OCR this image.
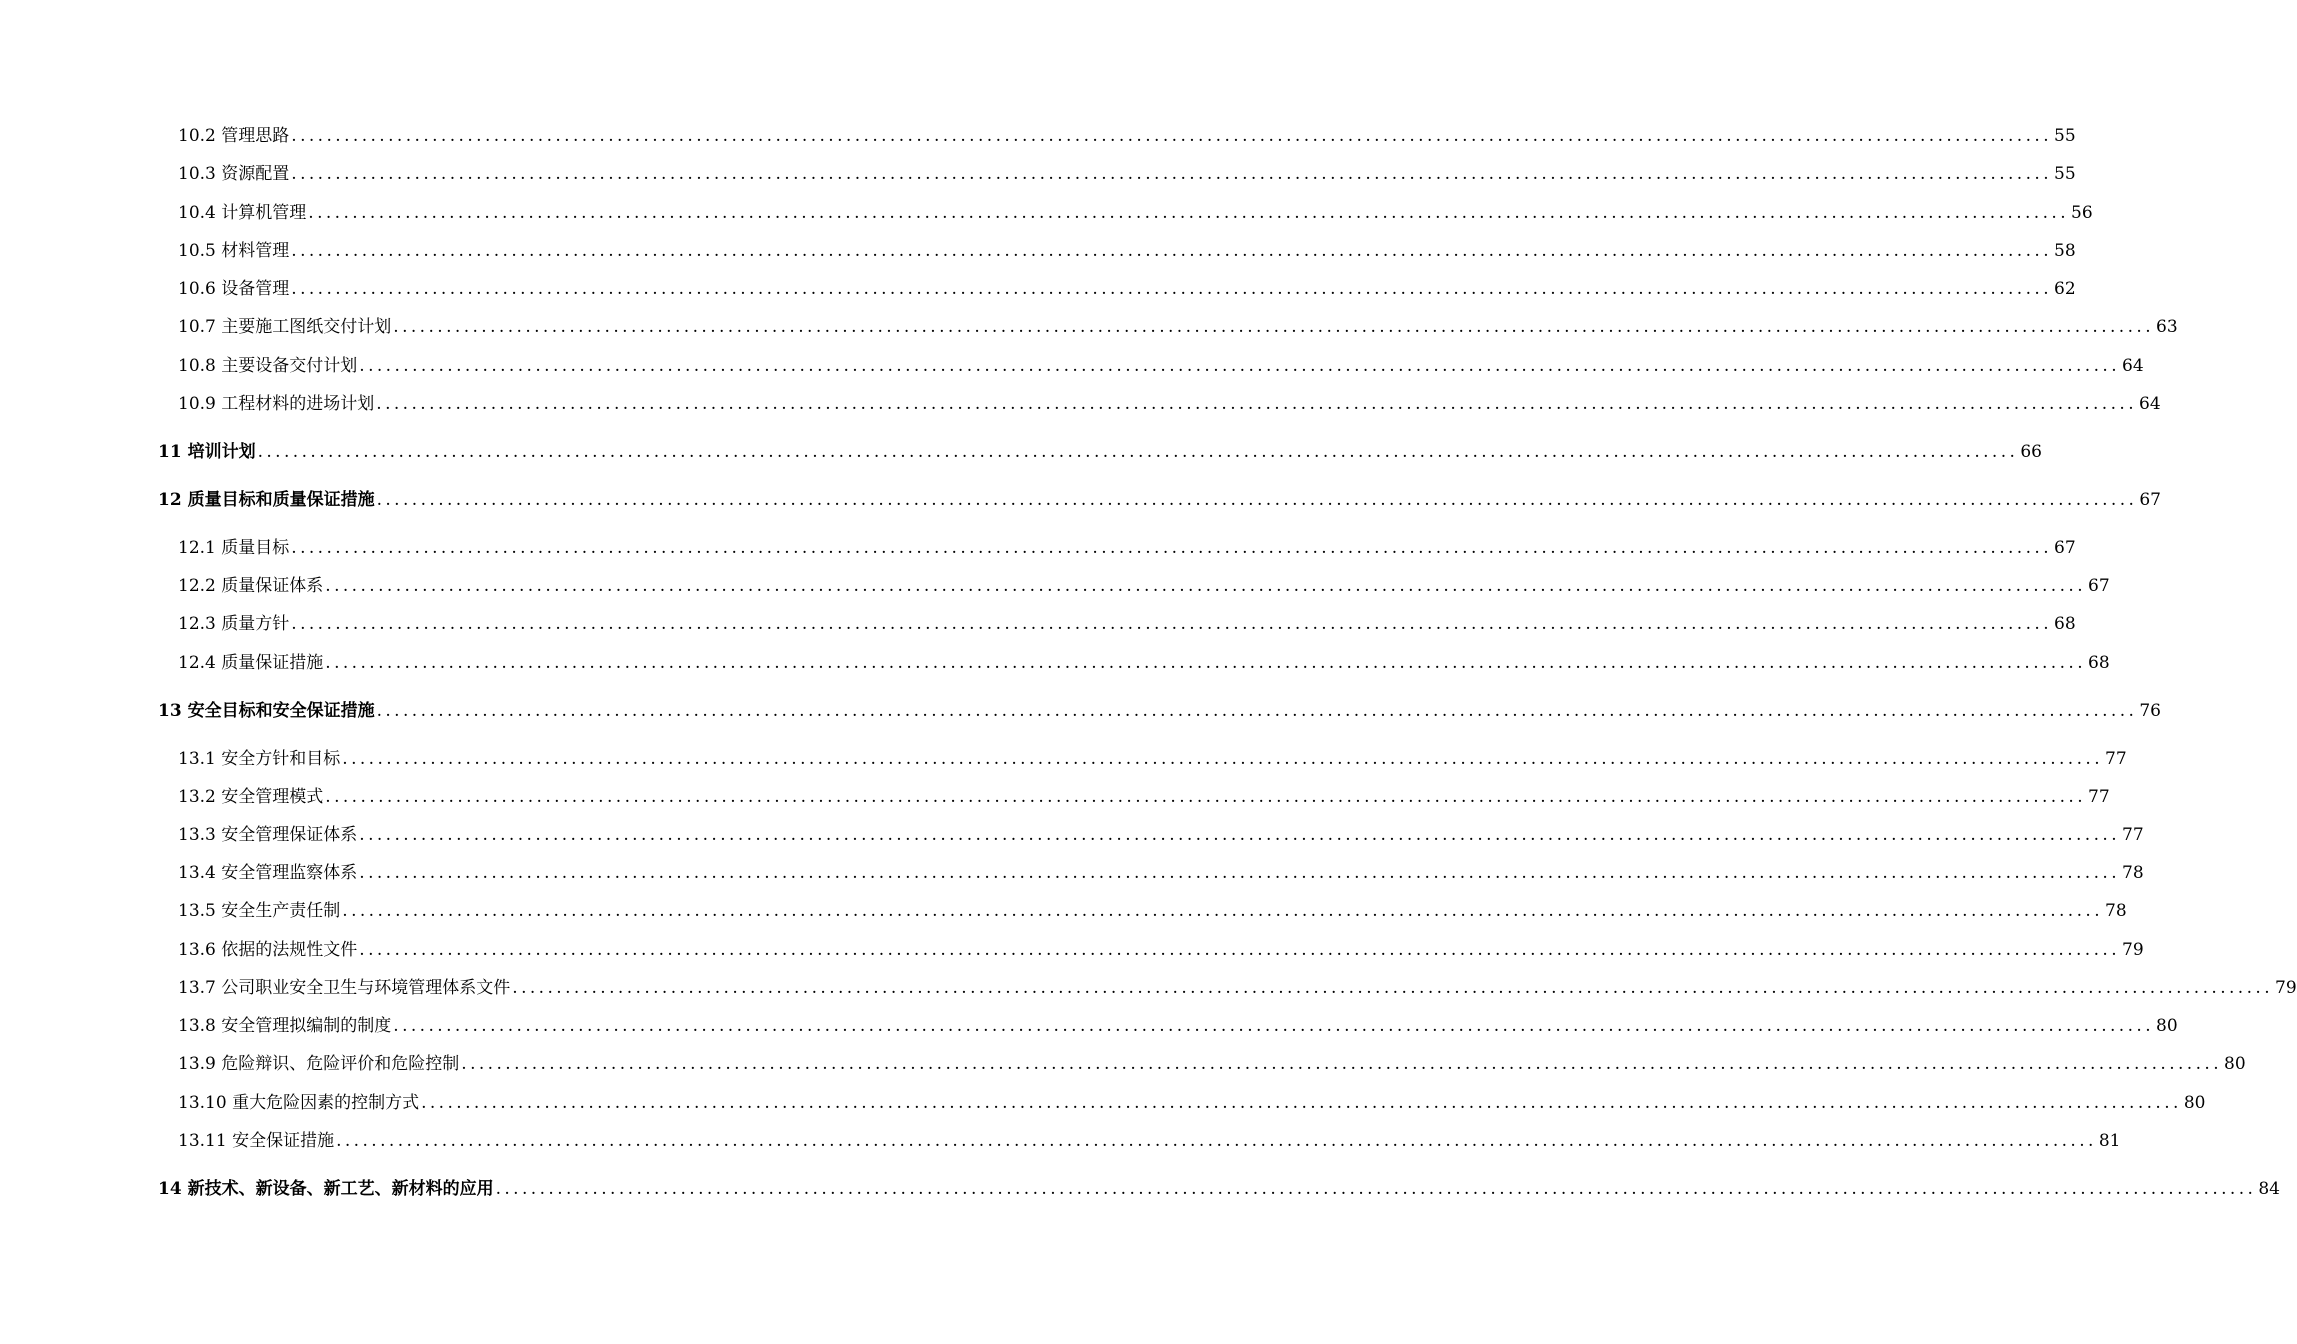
10.2 管理思路 ........................................................................................................................................................................................................ 55
10.3 资源配置 ........................................................................................................................................................................................................ 55
10.4 计算机管理 ........................................................................................................................................................................................................ 56
10.5 材料管理 ........................................................................................................................................................................................................ 58
10.6 设备管理 ........................................................................................................................................................................................................ 62
10.7 主要施工图纸交付计划 ........................................................................................................................................................................................................ 63
10.8 主要设备交付计划 ........................................................................................................................................................................................................ 64
10.9 工程材料的进场计划 ........................................................................................................................................................................................................ 64
11 培训计划 ........................................................................................................................................................................................................ 66
12 质量目标和质量保证措施 ........................................................................................................................................................................................................ 67
12.1 质量目标 ........................................................................................................................................................................................................ 67
12.2 质量保证体系 ........................................................................................................................................................................................................ 67
12.3 质量方针 ........................................................................................................................................................................................................ 68
12.4 质量保证措施 ........................................................................................................................................................................................................ 68
13 安全目标和安全保证措施 ........................................................................................................................................................................................................ 76
13.1 安全方针和目标 ........................................................................................................................................................................................................ 77
13.2 安全管理模式 ........................................................................................................................................................................................................ 77
13.3 安全管理保证体系 ........................................................................................................................................................................................................ 77
13.4 安全管理监察体系 ........................................................................................................................................................................................................ 78
13.5 安全生产责任制 ........................................................................................................................................................................................................ 78
13.6 依据的法规性文件 ........................................................................................................................................................................................................ 79
13.7 公司职业安全卫生与环境管理体系文件 ........................................................................................................................................................................................................ 79
13.8 安全管理拟编制的制度 ........................................................................................................................................................................................................ 80
13.9 危险辩识、危险评价和危险控制 ........................................................................................................................................................................................................ 80
13.10 重大危险因素的控制方式 ........................................................................................................................................................................................................ 80
13.11 安全保证措施 ........................................................................................................................................................................................................ 81
14 新技术、新设备、新工艺、新材料的应用 ........................................................................................................................................................................................................ 84
